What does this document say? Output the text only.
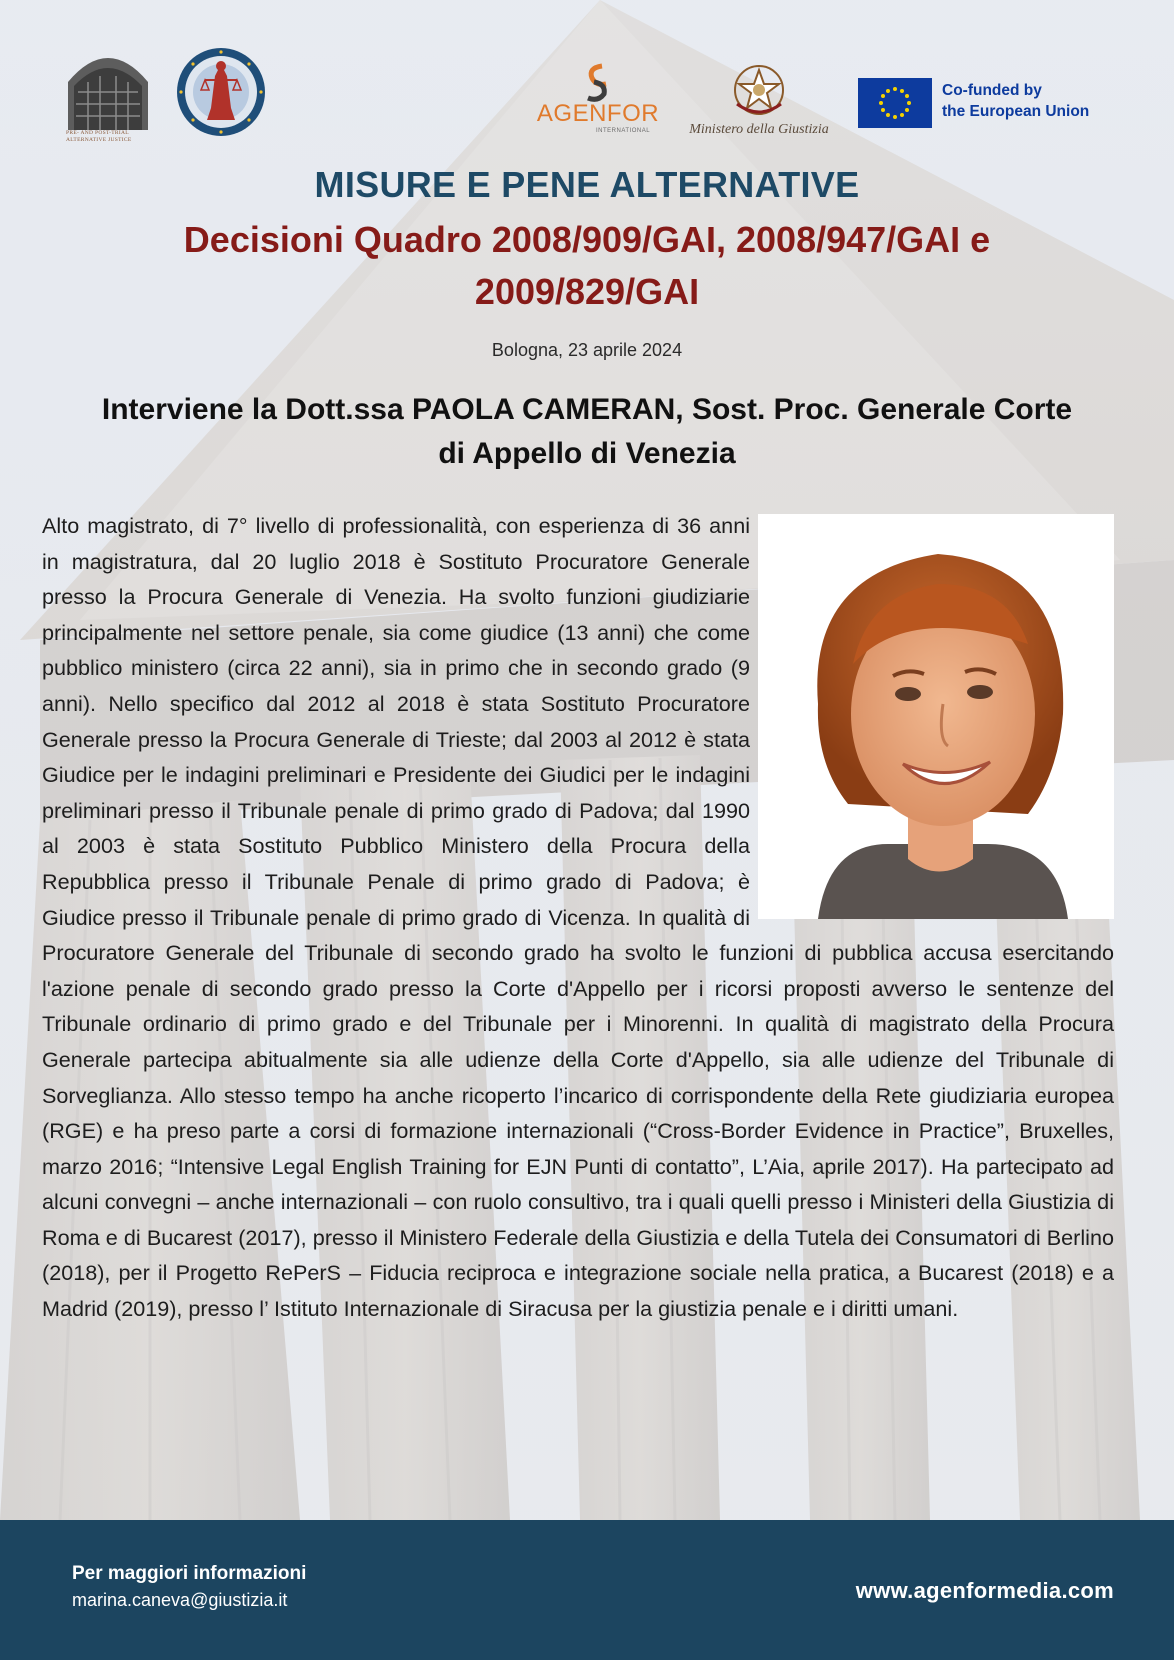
PRE- AND POST-TRIAL ALTERNATIVE JUSTICE
AGENFOR
INTERNATIONAL	Ministero della Giustizia
Co-funded by
the European Union
MISURE E PENE ALTERNATIVE
Decisioni Quadro 2008/909/GAI, 2008/947/GAI e 2009/829/GAI
Bologna, 23 aprile 2024
Interviene la Dott.ssa PAOLA CAMERAN, Sost. Proc. Generale Corte di Appello di Venezia
Alto magistrato, di 7° livello di professionalità, con esperienza di 36 anni in magistratura, dal 20 luglio 2018 è Sostituto Procuratore Generale presso la Procura Generale di Venezia. Ha svolto funzioni giudiziarie principalmente nel settore penale, sia come giudice (13 anni) che come pubblico ministero (circa 22 anni), sia in primo che in secondo grado (9 anni). Nello specifico dal 2012 al 2018 è stata Sostituto Procuratore Generale presso la Procura Generale di Trieste; dal 2003 al 2012 è stata Giudice per le indagini preliminari e Presidente dei Giudici per le indagini preliminari presso il Tribunale penale di primo grado di Padova; dal 1990 al 2003 è stata Sostituto Pubblico Ministero della Procura della Repubblica presso il Tribunale Penale di primo grado di Padova; è Giudice presso il Tribunale penale di primo grado di Vicenza. In qualità di Procuratore Generale del Tribunale di secondo grado ha svolto le funzioni di pubblica accusa esercitando l'azione penale di secondo grado presso la Corte d'Appello per i ricorsi proposti avverso le sentenze del Tribunale ordinario di primo grado e del Tribunale per i Minorenni. In qualità di magistrato della Procura Generale partecipa abitualmente sia alle udienze della Corte d'Appello, sia alle udienze del Tribunale di Sorveglianza. Allo stesso tempo ha anche ricoperto l’incarico di corrispondente della Rete giudiziaria europea (RGE) e ha preso parte a corsi di formazione internazionali (“Cross-Border Evidence in Practice”, Bruxelles, marzo 2016; “Intensive Legal English Training for EJN Punti di contatto”, L’Aia, aprile 2017). Ha partecipato ad alcuni convegni – anche internazionali – con ruolo consultivo, tra i quali quelli presso i Ministeri della Giustizia di Roma e di Bucarest (2017), presso il Ministero Federale della Giustizia e della Tutela dei Consumatori di Berlino (2018), per il Progetto RePerS – Fiducia reciproca e integrazione sociale nella pratica, a Bucarest (2018) e a Madrid (2019), presso l’ Istituto Internazionale di Siracusa per la giustizia penale e i diritti umani.
Per maggiori informazioni
marina.caneva@giustizia.it	www.agenformedia.com
